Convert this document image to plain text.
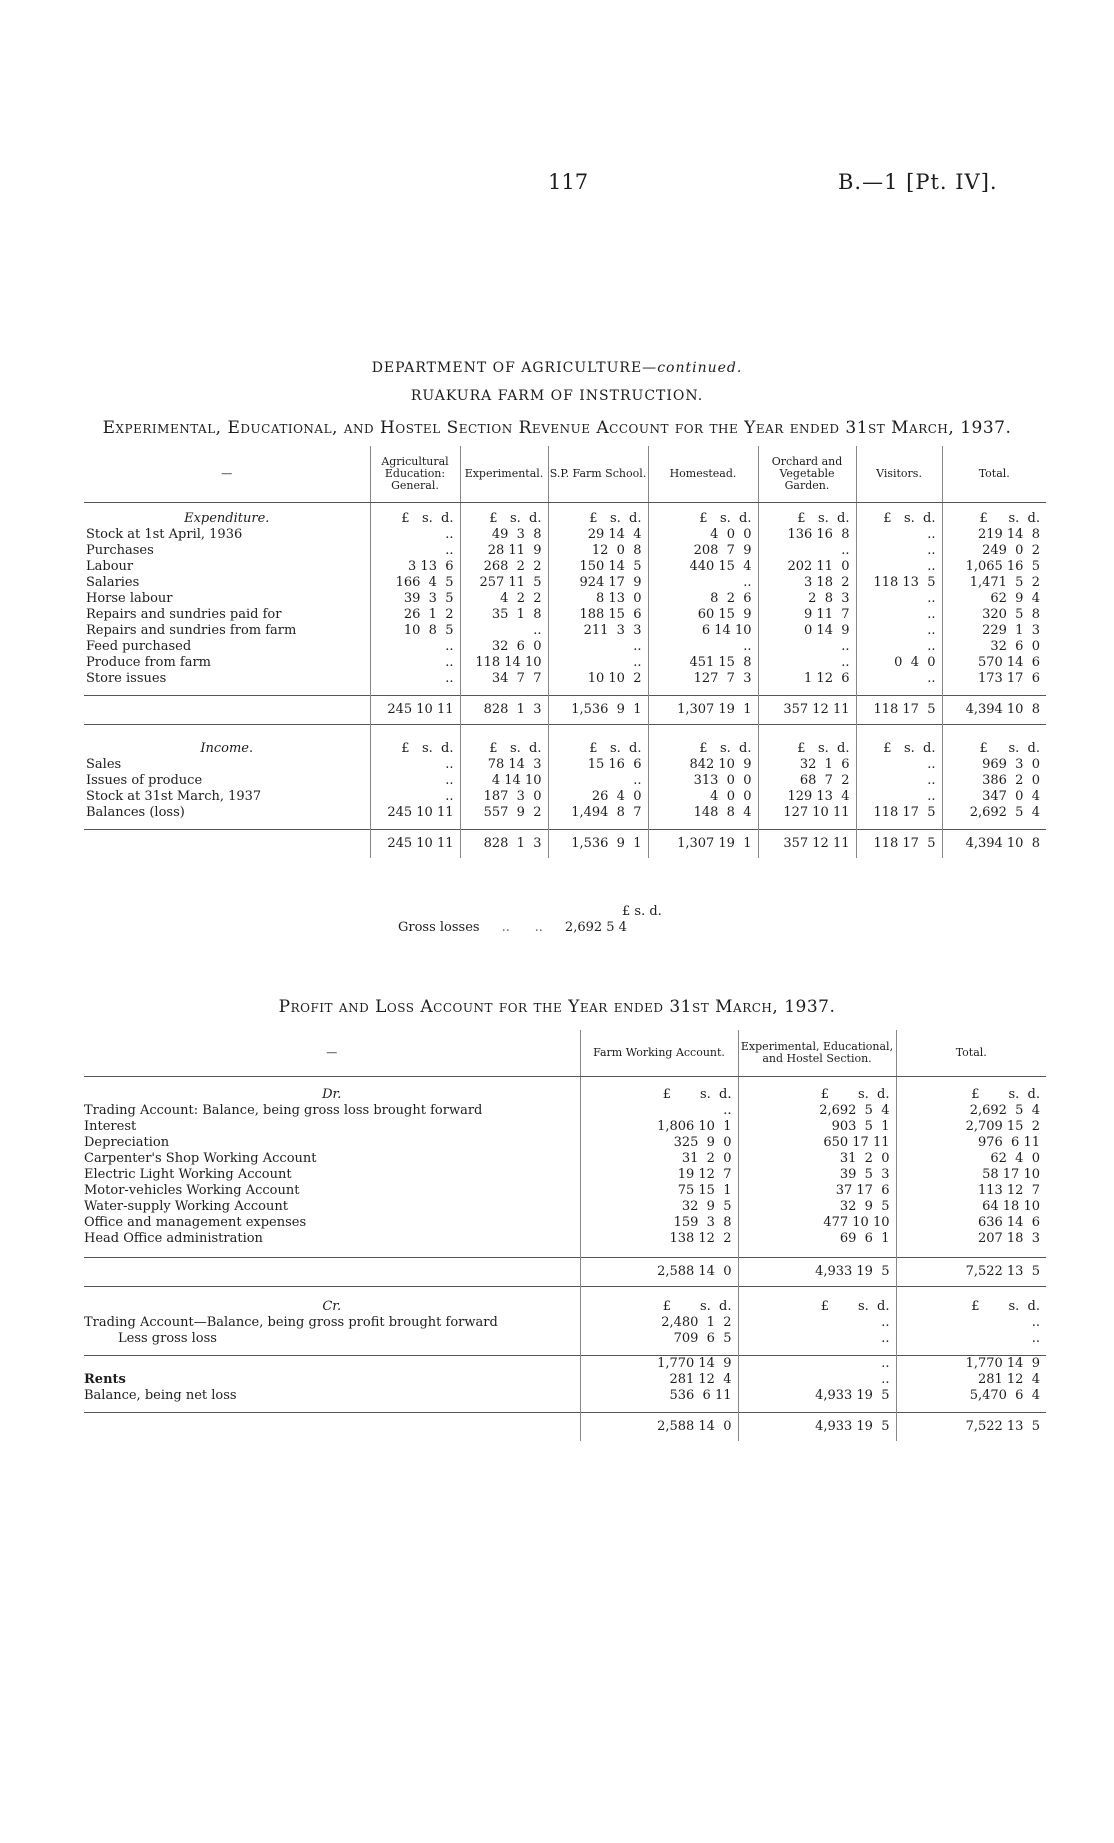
117	B.—1 [Pt. IV].
DEPARTMENT OF AGRICULTURE—continued.
RUAKURA FARM OF INSTRUCTION.
Experimental, Educational, and Hostel Section Revenue Account for the Year ended 31st March, 1937.
—	Agricultural Education: General.	Experimental.	S.P. Farm School.	Homestead.	Orchard and Vegetable Garden.	Visitors.	Total.

Expenditure.	£   s.  d.	£   s.  d.	£   s.  d.	£   s.  d.	£   s.  d.	£   s.  d.	£     s.  d.
Stock at 1st April, 1936	..	49  3  8	29 14  4	4  0  0	136 16  8	..	219 14  8
Purchases	..	28 11  9	12  0  8	208  7  9	..	..	249  0  2
Labour	3 13  6	268  2  2	150 14  5	440 15  4	202 11  0	..	1,065 16  5
Salaries	166  4  5	257 11  5	924 17  9	..	3 18  2	118 13  5	1,471  5  2
Horse labour	39  3  5	4  2  2	8 13  0	8  2  6	2  8  3	..	62  9  4
Repairs and sundries paid for	26  1  2	35  1  8	188 15  6	60 15  9	9 11  7	..	320  5  8
Repairs and sundries from farm	10  8  5	..	211  3  3	6 14 10	0 14  9	..	229  1  3
Feed purchased	..	32  6  0	..	..	..	..	32  6  0
Produce from farm	..	118 14 10	..	451 15  8	..	0  4  0	570 14  6
Store issues	..	34  7  7	10 10  2	127  7  3	1 12  6	..	173 17  6

	245 10 11	828  1  3	1,536  9  1	1,307 19  1	357 12 11	118 17  5	4,394 10  8

Income.	£   s.  d.	£   s.  d.	£   s.  d.	£   s.  d.	£   s.  d.	£   s.  d.	£     s.  d.
Sales	..	78 14  3	15 16  6	842 10  9	32  1  6	..	969  3  0
Issues of produce	..	4 14 10	..	313  0  0	68  7  2	..	386  2  0
Stock at 31st March, 1937	..	187  3  0	26  4  0	4  0  0	129 13  4	..	347  0  4
Balances (loss)	245 10 11	557  9  2	1,494  8  7	148  8  4	127 10 11	118 17  5	2,692  5  4

	245 10 11	828  1  3	1,536  9  1	1,307 19  1	357 12 11	118 17  5	4,394 10  8
£ s. d.
Gross losses ..      .. 2,692 5 4
Profit and Loss Account for the Year ended 31st March, 1937.
—	Farm Working Account.	Experimental, Educational, and Hostel Section.	Total.

Dr.	£       s.  d.	£       s.  d.	£       s.  d.
Trading Account: Balance, being gross loss brought forward	..	2,692  5  4	2,692  5  4
Interest	1,806 10  1	903  5  1	2,709 15  2
Depreciation	325  9  0	650 17 11	976  6 11
Carpenter's Shop Working Account	31  2  0	31  2  0	62  4  0
Electric Light Working Account	19 12  7	39  5  3	58 17 10
Motor-vehicles Working Account	75 15  1	37 17  6	113 12  7
Water-supply Working Account	32  9  5	32  9  5	64 18 10
Office and management expenses	159  3  8	477 10 10	636 14  6
Head Office administration	138 12  2	69  6  1	207 18  3

	2,588 14  0	4,933 19  5	7,522 13  5

Cr.	£       s.  d.	£       s.  d.	£       s.  d.
Trading Account—Balance, being gross profit brought forward	2,480  1  2	..	..
Less gross loss	709  6  5	..	..

	1,770 14  9	..	1,770 14  9
Rents	281 12  4	..	281 12  4
Balance, being net loss	536  6 11	4,933 19  5	5,470  6  4

	2,588 14  0	4,933 19  5	7,522 13  5
